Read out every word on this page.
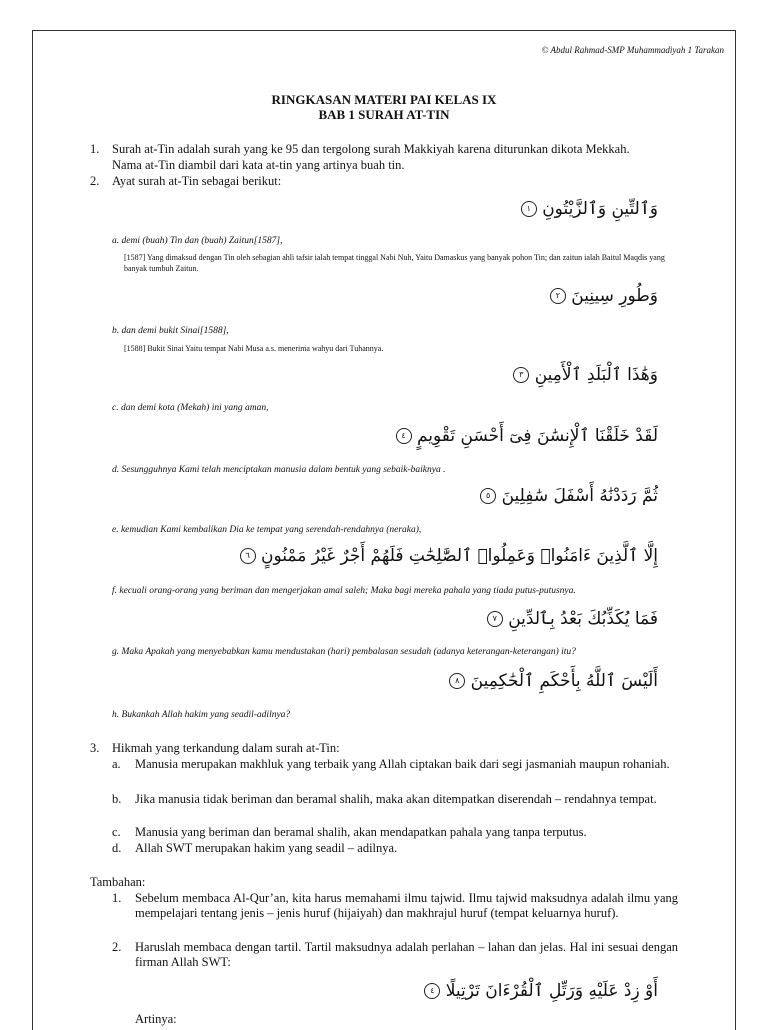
© Abdul Rahmad-SMP Muhammadiyah 1 Tarakan
RINGKASAN MATERI PAI KELAS IX
BAB 1 SURAH AT-TIN
1. Surah at-Tin adalah surah yang ke 95 dan tergolong surah Makkiyah karena diturunkan dikota Mekkah.
Nama at-Tin diambil dari kata at-tin yang artinya buah tin.
2. Ayat surah at-Tin sebagai berikut:
وَٱلتِّينِ وَٱلزَّيْتُونِ ١
a. demi (buah) Tin dan (buah) Zaitun[1587],
[1587] Yang dimaksud dengan Tin oleh sebagian ahli tafsir ialah tempat tinggal Nabi Nuh, Yaitu Damaskus yang banyak pohon Tin; dan zaitun ialah Baitul Maqdis yang banyak tumbuh Zaitun.
وَطُورِ سِينِينَ ٢
b. dan demi bukit Sinai[1588],
[1588] Bukit Sinai Yaitu tempat Nabi Musa a.s. menerima wahyu dari Tuhannya.
وَهَٰذَا ٱلْبَلَدِ ٱلْأَمِينِ ٣
c. dan demi kota (Mekah) ini yang aman,
لَقَدْ خَلَقْنَا ٱلْإِنسَٰنَ فِىٓ أَحْسَنِ تَقْوِيمٍ ٤
d. Sesungguhnya Kami telah menciptakan manusia dalam bentuk yang sebaik-baiknya .
ثُمَّ رَدَدْنَٰهُ أَسْفَلَ سَٰفِلِينَ ٥
e. kemudian Kami kembalikan Dia ke tempat yang serendah-rendahnya (neraka),
إِلَّا ٱلَّذِينَ ءَامَنُوا۟ وَعَمِلُوا۟ ٱلصَّٰلِحَٰتِ فَلَهُمْ أَجْرٌ غَيْرُ مَمْنُونٍ ٦
f. kecuali orang-orang yang beriman dan mengerjakan amal saleh; Maka bagi mereka pahala yang tiada putus-putusnya.
فَمَا يُكَذِّبُكَ بَعْدُ بِٱلدِّينِ ٧
g. Maka Apakah yang menyebabkan kamu mendustakan (hari) pembalasan sesudah (adanya keterangan-keterangan) itu?
أَلَيْسَ ٱللَّهُ بِأَحْكَمِ ٱلْحَٰكِمِينَ ٨
h. Bukankah Allah hakim yang seadil-adilnya?
3. Hikmah yang terkandung dalam surah at-Tin:
a. Manusia merupakan makhluk yang terbaik yang Allah ciptakan baik dari segi jasmaniah maupun rohaniah.
b. Jika manusia tidak beriman dan beramal shalih, maka akan ditempatkan diserendah – rendahnya tempat.
c. Manusia yang beriman dan beramal shalih, akan mendapatkan pahala yang tanpa terputus.
d. Allah SWT merupakan hakim yang seadil – adilnya.
Tambahan:
1. Sebelum membaca Al-Qur’an, kita harus memahami ilmu tajwid. Ilmu tajwid maksudnya adalah ilmu yang mempelajari tentang jenis – jenis huruf (hijaiyah) dan makhrajul huruf (tempat keluarnya huruf).
2. Haruslah membaca dengan tartil. Tartil maksudnya adalah perlahan – lahan dan jelas. Hal ini sesuai dengan firman Allah SWT:
أَوْ زِدْ عَلَيْهِ وَرَتِّلِ ٱلْقُرْءَانَ تَرْتِيلًا ٤
Artinya:
